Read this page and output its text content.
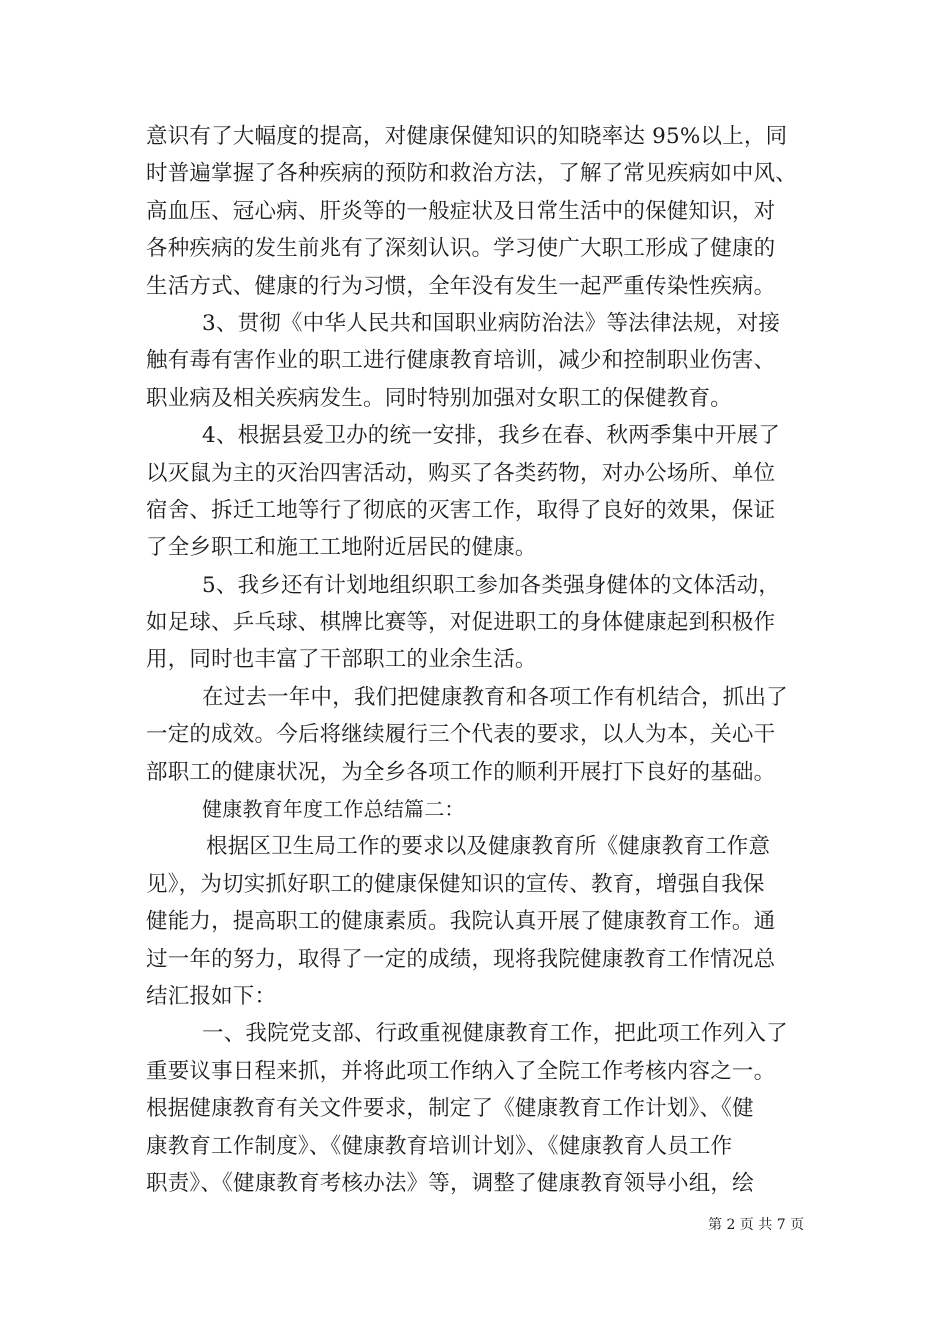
意识有了大幅度的提高，对健康保健知识的知晓率达 95%以上，同
时普遍掌握了各种疾病的预防和救治方法，了解了常见疾病如中风、
高血压、冠心病、肝炎等的一般症状及日常生活中的保健知识，对
各种疾病的发生前兆有了深刻认识。学习使广大职工形成了健康的
生活方式、健康的行为习惯，全年没有发生一起严重传染性疾病。
3、贯彻《中华人民共和国职业病防治法》等法律法规，对接
触有毒有害作业的职工进行健康教育培训，减少和控制职业伤害、
职业病及相关疾病发生。同时特别加强对女职工的保健教育。
4、根据县爱卫办的统一安排，我乡在春、秋两季集中开展了
以灭鼠为主的灭治四害活动，购买了各类药物，对办公场所、单位
宿舍、拆迁工地等行了彻底的灭害工作，取得了良好的效果，保证
了全乡职工和施工工地附近居民的健康。
5、我乡还有计划地组织职工参加各类强身健体的文体活动，
如足球、乒乓球、棋牌比赛等，对促进职工的身体健康起到积极作
用，同时也丰富了干部职工的业余生活。
在过去一年中，我们把健康教育和各项工作有机结合，抓出了
一定的成效。今后将继续履行三个代表的要求，以人为本，关心干
部职工的健康状况，为全乡各项工作的顺利开展打下良好的基础。
健康教育年度工作总结篇二：
根据区卫生局工作的要求以及健康教育所《健康教育工作意
见》，为切实抓好职工的健康保健知识的宣传、教育，增强自我保
健能力，提高职工的健康素质。我院认真开展了健康教育工作。通
过一年的努力，取得了一定的成绩，现将我院健康教育工作情况总
结汇报如下：
一、我院党支部、行政重视健康教育工作，把此项工作列入了
重要议事日程来抓，并将此项工作纳入了全院工作考核内容之一。
根据健康教育有关文件要求，制定了《健康教育工作计划》、《健
康教育工作制度》、《健康教育培训计划》、《健康教育人员工作
职责》、《健康教育考核办法》等，调整了健康教育领导小组，绘
第 2 页 共 7 页
